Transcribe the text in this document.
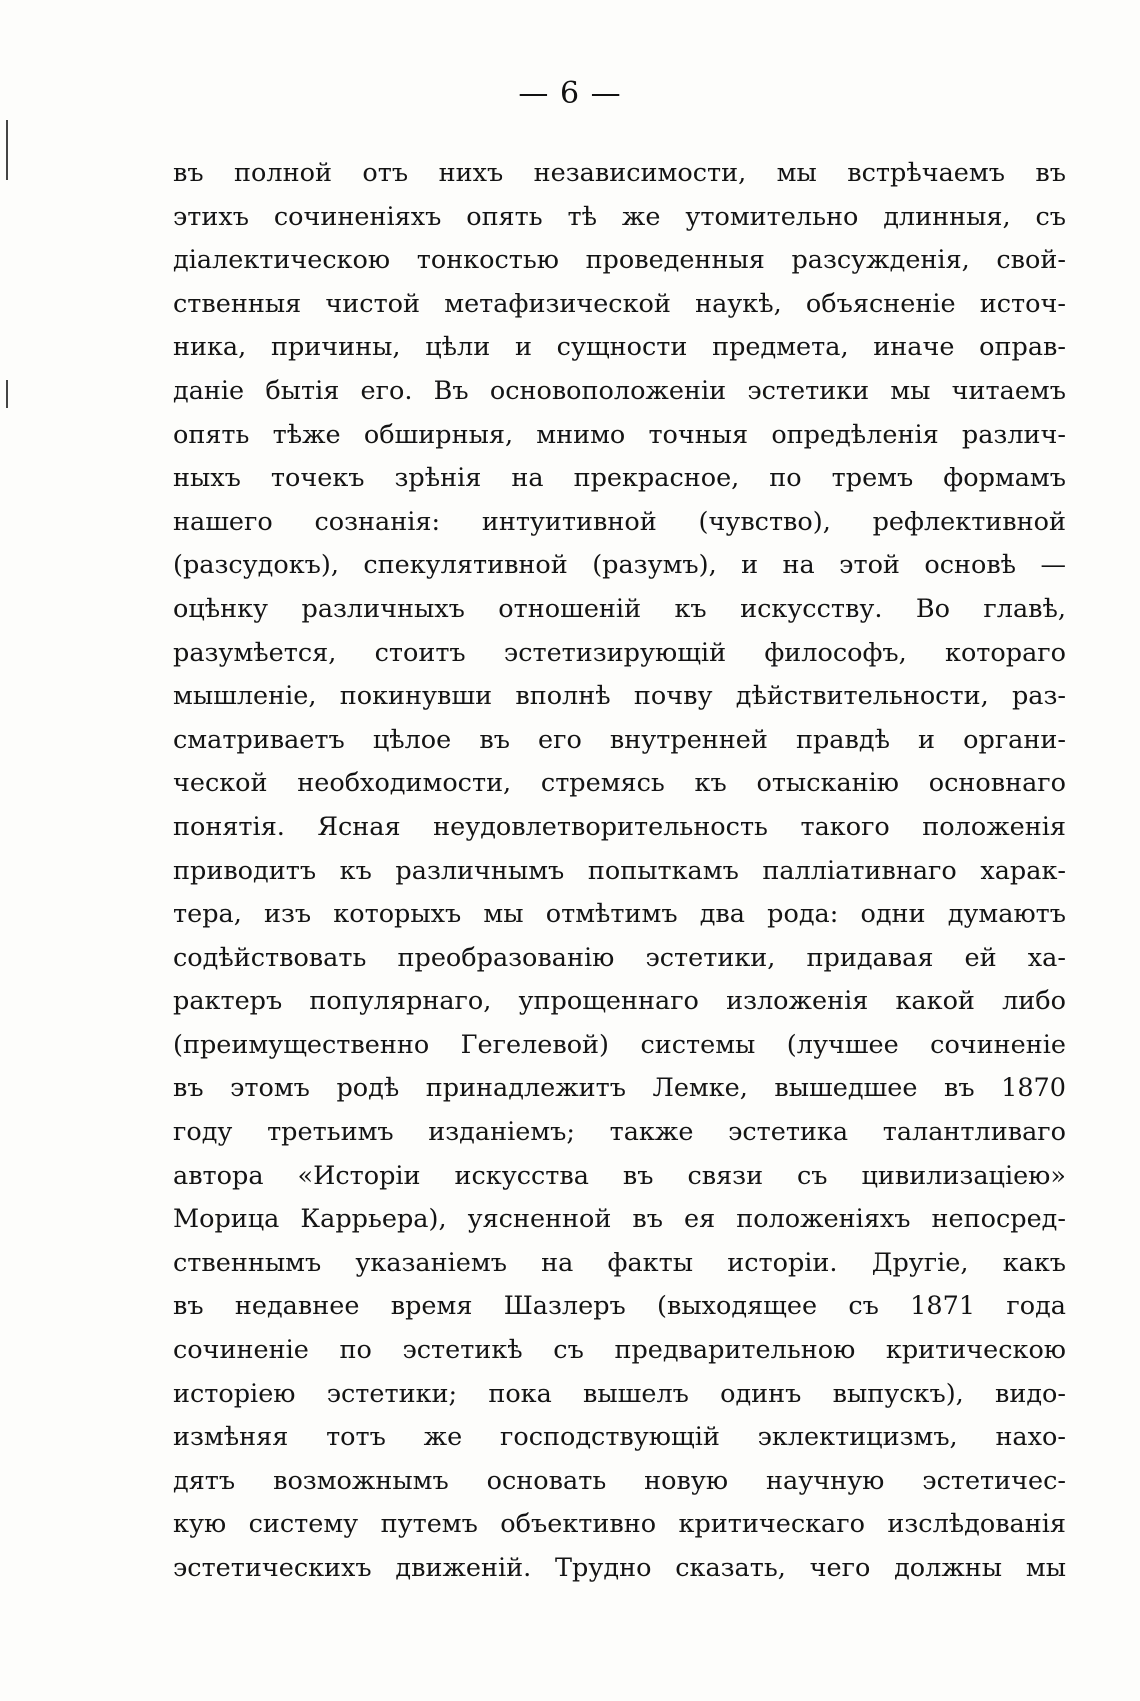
— 6 —
въ полной отъ нихъ независимости, мы встрѣчаемъ въ
этихъ сочиненіяхъ опять тѣ же утомительно длинныя, съ
діалектическою тонкостью проведенныя разсужденія, свой-
ственныя чистой метафизической наукѣ, объясненіе источ-
ника, причины, цѣли и сущности предмета, иначе оправ-
даніе бытія его. Въ основоположеніи эстетики мы читаемъ
опять тѣже обширныя, мнимо точныя опредѣленія различ-
ныхъ точекъ зрѣнія на прекрасное, по тремъ формамъ
нашего сознанія: интуитивной (чувство), рефлективной
(разсудокъ), спекулятивной (разумъ), и на этой основѣ —
оцѣнку различныхъ отношеній къ искусству. Во главѣ,
разумѣется, стоитъ эстетизирующій философъ, котораго
мышленіе, покинувши вполнѣ почву дѣйствительности, раз-
сматриваетъ цѣлое въ его внутренней правдѣ и органи-
ческой необходимости, стремясь къ отысканію основнаго
понятія. Ясная неудовлетворительность такого положенія
приводитъ къ различнымъ попыткамъ палліативнаго харак-
тера, изъ которыхъ мы отмѣтимъ два рода: одни думаютъ
содѣйствовать преобразованію эстетики, придавая ей ха-
рактеръ популярнаго, упрощеннаго изложенія какой либо
(преимущественно Гегелевой) системы (лучшее сочиненіе
въ этомъ родѣ принадлежитъ Лемке, вышедшее въ 1870
году третьимъ изданіемъ; также эстетика талантливаго
автора «Исторіи искусства въ связи съ цивилизаціею»
Морица Каррьера), уясненной въ ея положеніяхъ непосред-
ственнымъ указаніемъ на факты исторіи. Другіе, какъ
въ недавнее время Шазлеръ (выходящее съ 1871 года
сочиненіе по эстетикѣ съ предварительною критическою
исторіею эстетики; пока вышелъ одинъ выпускъ), видо-
измѣняя тотъ же господствующій эклектицизмъ, нахо-
дятъ возможнымъ основать новую научную эстетичес-
кую систему путемъ объективно критическаго изслѣдованія
эстетическихъ движеній. Трудно сказать, чего должны мы
